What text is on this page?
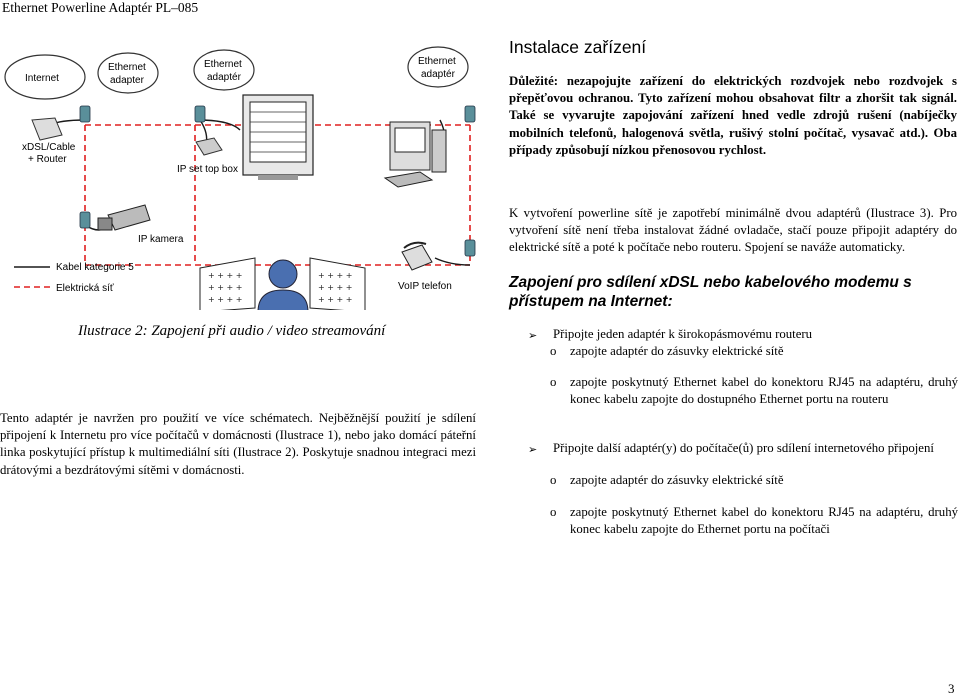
Ethernet Powerline Adaptér PL–085
Internet
Ethernet
adapter
Ethernet
adaptér
Ethernet
adaptér
xDSL/Cable
+ Router
IP set top box
IP kamera
VoIP telefon
Kabel kategorie 5
Elektrická síť
+ + + +
+ + + +
+ + + +
+ + + +
+ + + +
+ + + +
Ilustrace 2: Zapojení při audio / video streamování
Instalace zařízení
Důležité: nezapojujte zařízení do elektrických rozdvojek nebo rozdvojek s přepěťovou ochranou. Tyto zařízení mohou obsahovat filtr a zhoršit tak signál. Také se vyvarujte zapojování zařízení hned vedle zdrojů rušení (nabíječky mobilních telefonů, halogenová světla, rušivý stolní počítač, vysavač atd.). Oba případy způsobují nízkou přenosovou rychlost.
K vytvoření powerline sítě je zapotřebí minimálně dvou adaptérů (Ilustrace 3). Pro vytvoření sítě není třeba instalovat žádné ovladače, stačí pouze připojit adaptéry do elektrické sítě a poté k počítače nebo routeru. Spojení se naváže automaticky.
Zapojení pro sdílení xDSL nebo kabelového modemu s přístupem na Internet:
➢ Připojte jeden adaptér k širokopásmovému routeru
o	zapojte adaptér do zásuvky elektrické sítě
o	zapojte poskytnutý Ethernet kabel do konektoru RJ45 na adaptéru, druhý konec kabelu zapojte do dostupného Ethernet portu na routeru
➢ Připojte další adaptér(y) do počítače(ů) pro sdílení internetového připojení
o	zapojte adaptér do zásuvky elektrické sítě
o	zapojte poskytnutý Ethernet kabel do konektoru RJ45 na adaptéru, druhý konec kabelu zapojte do Ethernet portu na počítači
Tento adaptér je navržen pro použití ve více schématech. Nejběžnější použití je sdílení připojení k Internetu pro více počítačů v domácnosti (Ilustrace 1), nebo jako domácí páteřní linka poskytující přístup k multimediální síti (Ilustrace 2). Poskytuje snadnou integraci mezi drátovými a bezdrátovými sítěmi v domácnosti.
3
